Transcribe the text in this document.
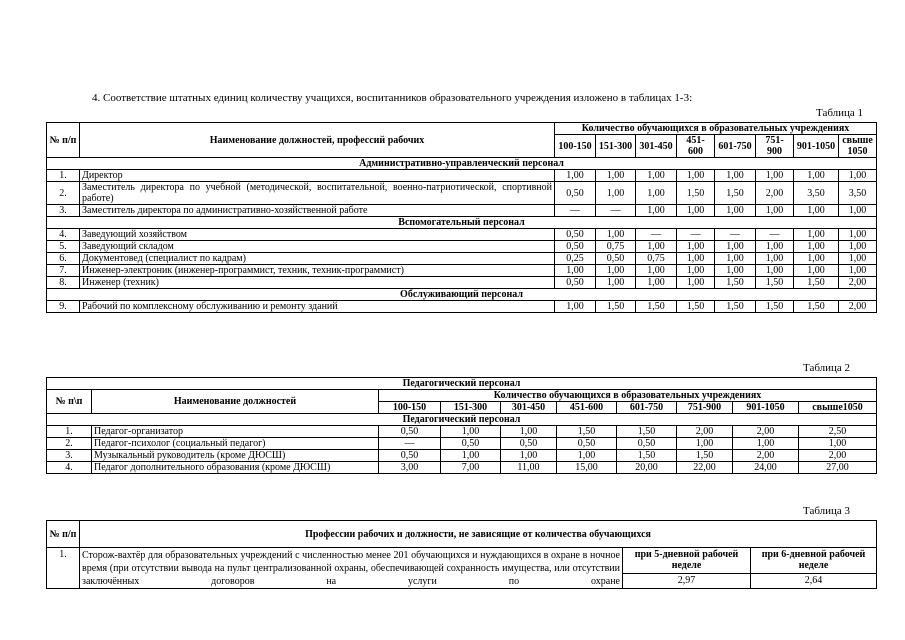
4. Соответствие штатных единиц количеству учащихся, воспитанников образовательного учреждения изложено в таблицах 1-3:
Таблица 1
№ п/п	Наименование должностей, профессий рабочих	Количество обучающихся в образовательных учреждениях							
		100-150	151-300	301-450	451-600	601-750	751-900	901-1050	свыше 1050
Административно-управленческий персонал									
1.	Директор	1,00	1,00	1,00	1,00	1,00	1,00	1,00	1,00
2.	Заместитель директора по учебной (методической, воспитательной, военно-патриотической, спортивной работе)	0,50	1,00	1,00	1,50	1,50	2,00	3,50	3,50
3.	Заместитель директора по административно-хозяйственной работе	—	—	1,00	1,00	1,00	1,00	1,00	1,00
Вспомогательный персонал									
4.	Заведующий хозяйством	0,50	1,00	—	—	—	—	1,00	1,00
5.	Заведующий складом	0,50	0,75	1,00	1,00	1,00	1,00	1,00	1,00
6.	Документовед (специалист по кадрам)	0,25	0,50	0,75	1,00	1,00	1,00	1,00	1,00
7.	Инженер-электроник (инженер-программист, техник, техник-программист)	1,00	1,00	1,00	1,00	1,00	1,00	1,00	1,00
8.	Инженер (техник)	0,50	1,00	1,00	1,00	1,50	1,50	1,50	2,00
Обслуживающий персонал									
9.	Рабочий по комплексному обслуживанию и ремонту зданий	1,00	1,50	1,50	1,50	1,50	1,50	1,50	2,00
Таблица 2
Педагогический персонал									
№ п\п	Наименование должностей	Количество обучающихся в образовательных учреждениях							
		100-150	151-300	301-450	451-600	601-750	751-900	901-1050	свыше1050
Педагогический персонал									
1.	Педагог-организатор	0,50	1,00	1,00	1,50	1,50	2,00	2,00	2,50
2.	Педагог-психолог (социальный педагог)	—	0,50	0,50	0,50	0,50	1,00	1,00	1,00
3.	Музыкальный руководитель (кроме ДЮСШ)	0,50	1,00	1,00	1,00	1,50	1,50	2,00	2,00
4.	Педагог дополнительного образования (кроме ДЮСШ)	3,00	7,00	11,00	15,00	20,00	22,00	24,00	27,00
Таблица 3
№ п/п	Профессии рабочих и должности, не зависящие от количества обучающихся		
1.	Сторож-вахтёр для образовательных учреждений с численностью менее 201 обучающихся и нуждающихся в охране в ночное время (при отсутствии вывода на пульт централизованной охраны, обеспечивающей сохранность имущества, или отсутствии заключённых договоров на услуги по охране	при 5-дневной рабочей неделе	при 6-дневной рабочей неделе
		2,97	2,64
